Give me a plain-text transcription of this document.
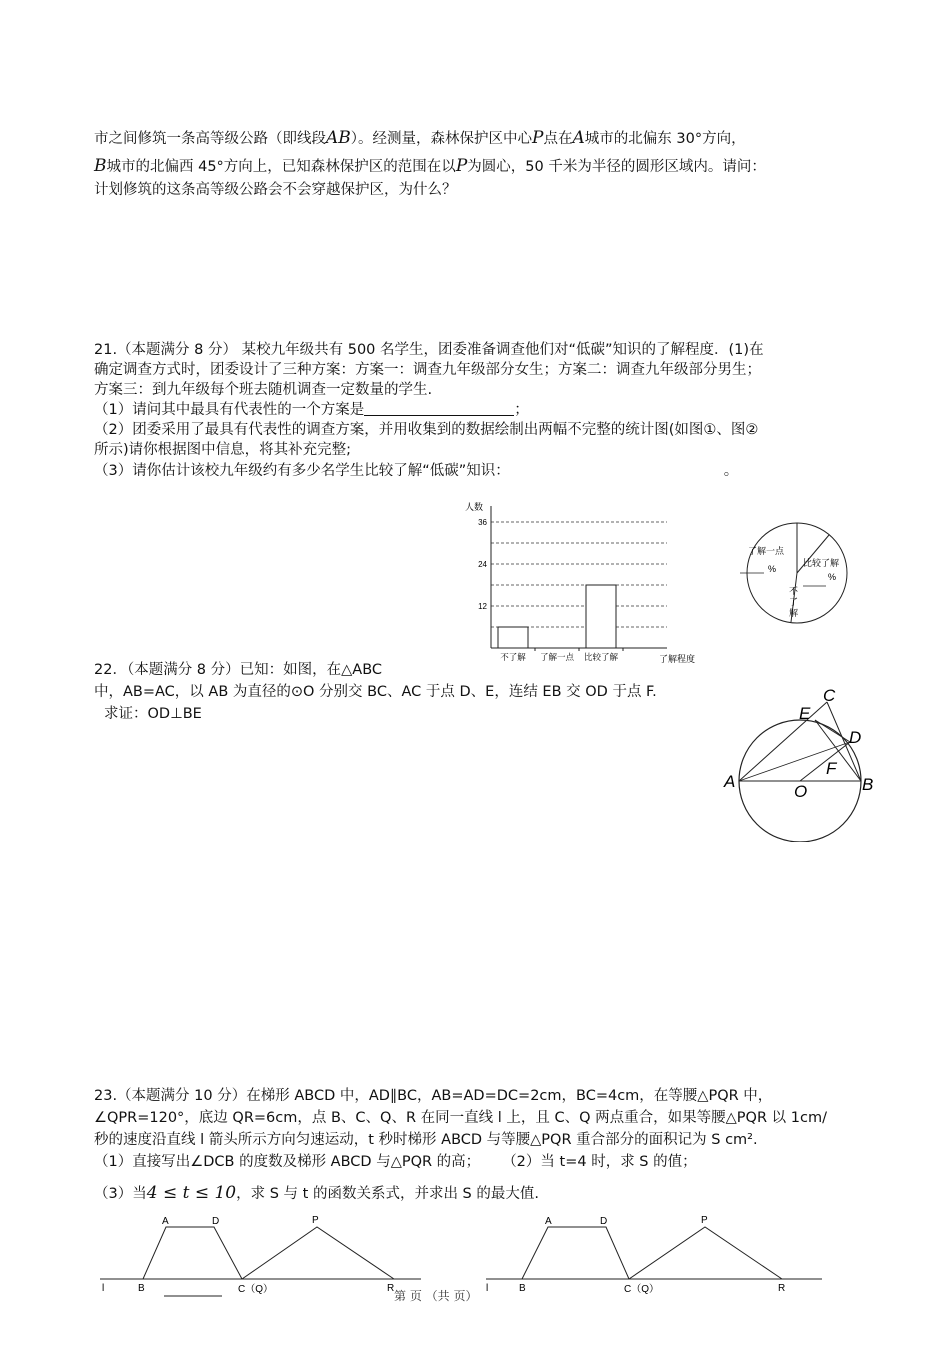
市之间修筑一条高等级公路（即线段AB）。经测量，森林保护区中心P点在A城市的北偏东 30°方向，
B城市的北偏西 45°方向上，已知森林保护区的范围在以P为圆心，50 千米为半径的圆形区域内。请问：
计划修筑的这条高等级公路会不会穿越保护区，为什么？
21.（本题满分 8 分） 某校九年级共有 500 名学生，团委准备调查他们对“低碳”知识的了解程度．(1)在
确定调查方式时，团委设计了三种方案：方案一：调查九年级部分女生；方案二：调查九年级部分男生；
方案三：到九年级每个班去随机调查一定数量的学生.
（1）请问其中最具有代表性的一个方案是	；
（2）团委采用了最具有代表性的调查方案，并用收集到的数据绘制出两幅不完整的统计图(如图①、图②
所示)请你根据图中信息，将其补充完整;
（3）请你估计该校九年级约有多少名学生比较了解“低碳”知识：	。
人数
12
24
36
不了解 了解一点 比较了解	了解程度
了解一点
%
比较了解
%
不
了
解
22．（本题满分 8 分）已知：如图，在△ABC
中，AB=AC，以 AB 为直径的⊙O 分别交 BC、AC 于点 D、E，连结 EB 交 OD 于点 F.
求证：OD⊥BE
A	B
C
D
E
F
O
23.（本题满分 10 分）在梯形 ABCD 中，AD∥BC，AB=AD=DC=2cm，BC=4cm，在等腰△PQR 中，
∠QPR=120°，底边 QR=6cm，点 B、C、Q、R 在同一直线 l 上，且 C、Q 两点重合，如果等腰△PQR 以 1cm/
秒的速度沿直线 l 箭头所示方向匀速运动，t 秒时梯形 ABCD 与等腰△PQR 重合部分的面积记为 S cm².
（1）直接写出∠DCB 的度数及梯形 ABCD 与△PQR 的高； （2）当 t=4 时，求 S 的值；
（3）当4 ≤ t ≤ 10，求 S 与 t 的函数关系式，并求出 S 的最大值.
A	D	P
l	B	C（Q）	R
A	D	P
l	B	C（Q）	R
第 页 （共 页）
